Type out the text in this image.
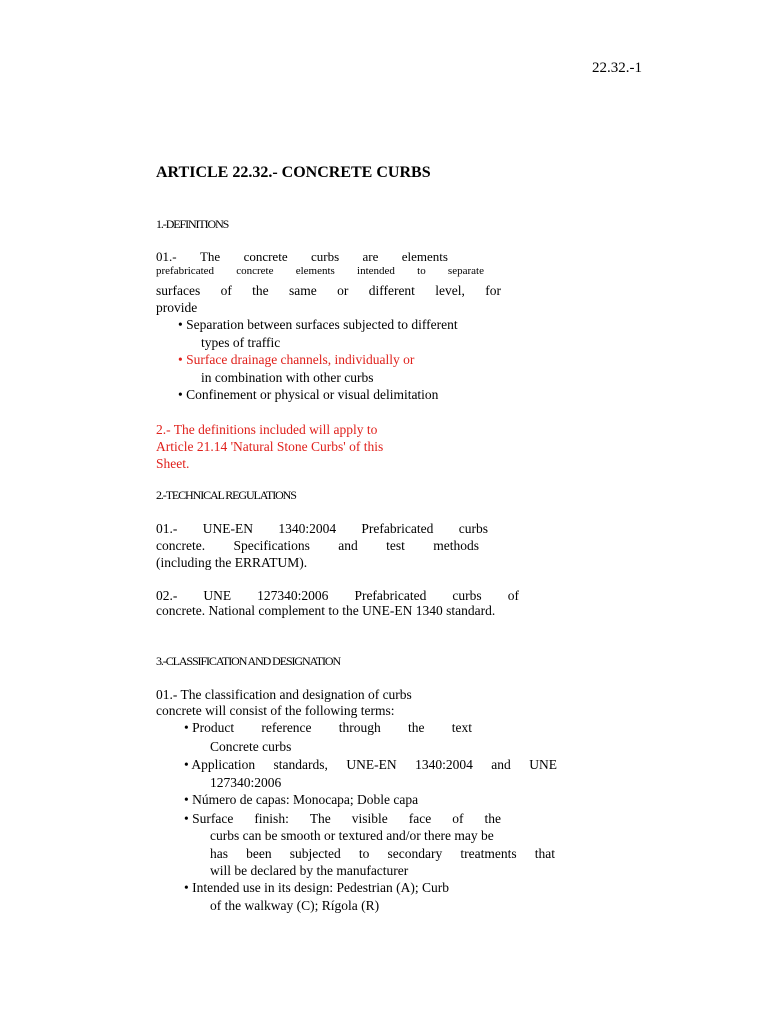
22.32.-1
ARTICLE 22.32.- CONCRETE CURBS
1.-DEFINITIONS
01.- The concrete curbs are elements
prefabricated concrete elements intended to separate
surfaces of the same or different level, for
provide
• Separation between surfaces subjected to different
types of traffic
• Surface drainage channels, individually or
in combination with other curbs
• Confinement or physical or visual delimitation
2.- The definitions included will apply to
Article 21.14 'Natural Stone Curbs' of this
Sheet.
2.-TECHNICAL REGULATIONS
01.- UNE-EN 1340:2004 Prefabricated curbs
concrete. Specifications and test methods
(including the ERRATUM).
02.- UNE 127340:2006 Prefabricated curbs of
concrete. National complement to the UNE-EN 1340 standard.
3.-CLASSIFICATION AND DESIGNATION
01.- The classification and designation of curbs
concrete will consist of the following terms:
• Product reference through the text
Concrete curbs
• Application standards, UNE-EN 1340:2004 and UNE
127340:2006
• Número de capas: Monocapa; Doble capa
• Surface finish: The visible face of the
curbs can be smooth or textured and/or there may be
has been subjected to secondary treatments that
will be declared by the manufacturer
• Intended use in its design: Pedestrian (A); Curb
of the walkway (C); Rígola (R)
